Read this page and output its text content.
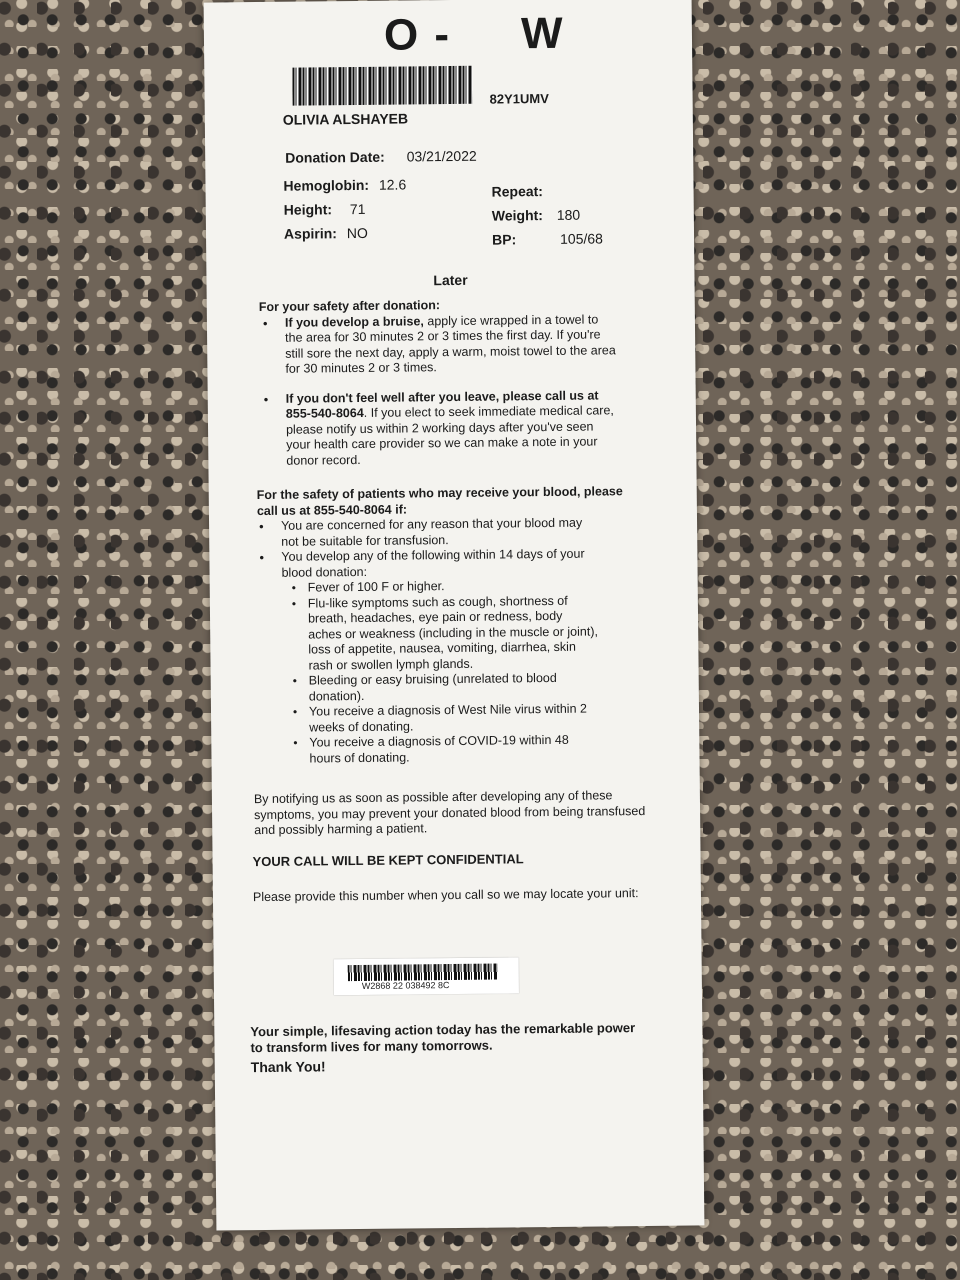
O - W
82Y1UMV
OLIVIA ALSHAYEB
Donation Date: 03/21/2022
Hemoglobin: 12.6	Repeat:
Height: 71	Weight: 180
Aspirin: NO	BP:	105/68
Later
For your safety after donation:
• If you develop a bruise, apply ice wrapped in a towel to the area for 30 minutes 2 or 3 times the first day. If you're still sore the next day, apply a warm, moist towel to the area for 30 minutes 2 or 3 times.
• If you don't feel well after you leave, please call us at 855-540-8064. If you elect to seek immediate medical care, please notify us within 2 working days after you've seen your health care provider so we can make a note in your donor record.
For the safety of patients who may receive your blood, please call us at 855-540-8064 if:
• You are concerned for any reason that your blood may not be suitable for transfusion.
• You develop any of the following within 14 days of your blood donation:
• Fever of 100 F or higher.
• Flu-like symptoms such as cough, shortness of breath, headaches, eye pain or redness, body aches or weakness (including in the muscle or joint), loss of appetite, nausea, vomiting, diarrhea, skin rash or swollen lymph glands.
• Bleeding or easy bruising (unrelated to blood donation).
• You receive a diagnosis of West Nile virus within 2 weeks of donating.
• You receive a diagnosis of COVID-19 within 48 hours of donating.
By notifying us as soon as possible after developing any of these symptoms, you may prevent your donated blood from being transfused and possibly harming a patient.
YOUR CALL WILL BE KEPT CONFIDENTIAL
Please provide this number when you call so we may locate your unit:
W2868 22 038492 8C
Your simple, lifesaving action today has the remarkable power to transform lives for many tomorrows.
Thank You!
